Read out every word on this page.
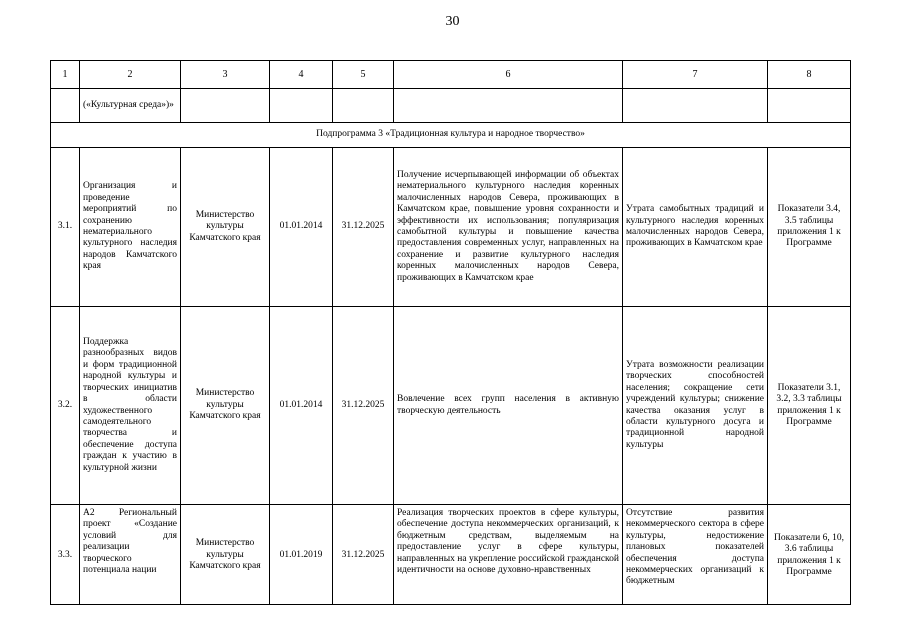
30
1	2	3	4	5	6	7	8
	(«Культурная среда»)»						
Подпрограмма 3 «Традиционная культура и народное творчество»							
3.1.	Организация и проведение мероприятий по сохранению нематериального культурного наследия народов Камчатского края	Министерство культуры Камчатского края	01.01.2014	31.12.2025	Получение исчерпывающей информации об объектах нематериального культурного наследия коренных малочисленных народов Севера, проживающих в Камчатском крае, повышение уровня сохранности и эффективности их использования; популяризация самобытной культуры и повышение качества предоставления современных услуг, направленных на сохранение и развитие культурного наследия коренных малочисленных народов Севера, проживающих в Камчатском крае	Утрата самобытных традиций и культурного наследия коренных малочисленных народов Севера, проживающих в Камчатском крае	Показатели 3.4, 3.5 таблицы приложения 1 к Программе
3.2.	Поддержка разнообразных видов и форм традиционной народной культуры и творческих инициатив в области художественного самодеятельного творчества и обеспечение доступа граждан к участию в культурной жизни	Министерство культуры Камчатского края	01.01.2014	31.12.2025	Вовлечение всех групп населения в активную творческую деятельность	Утрата возможности реализации творческих способностей населения; сокращение сети учреждений культуры; снижение качества оказания услуг в области культурного досуга и традиционной народной культуры	Показатели 3.1, 3.2, 3.3 таблицы приложения 1 к Программе
3.3.	А2 Региональный проект «Создание условий для реализации творческого потенциала нации	Министерство культуры Камчатского края	01.01.2019	31.12.2025	Реализация творческих проектов в сфере культуры, обеспечение доступа некоммерческих организаций, к бюджетным средствам, выделяемым на предоставление услуг в сфере культуры, направленных на укрепление российской гражданской идентичности на основе духовно-нравственных	Отсутствие развития некоммерческого сектора в сфере культуры, недостижение плановых показателей обеспечения доступа некоммерческих организаций к бюджетным	Показатели 6, 10, 3.6 таблицы приложения 1 к Программе
